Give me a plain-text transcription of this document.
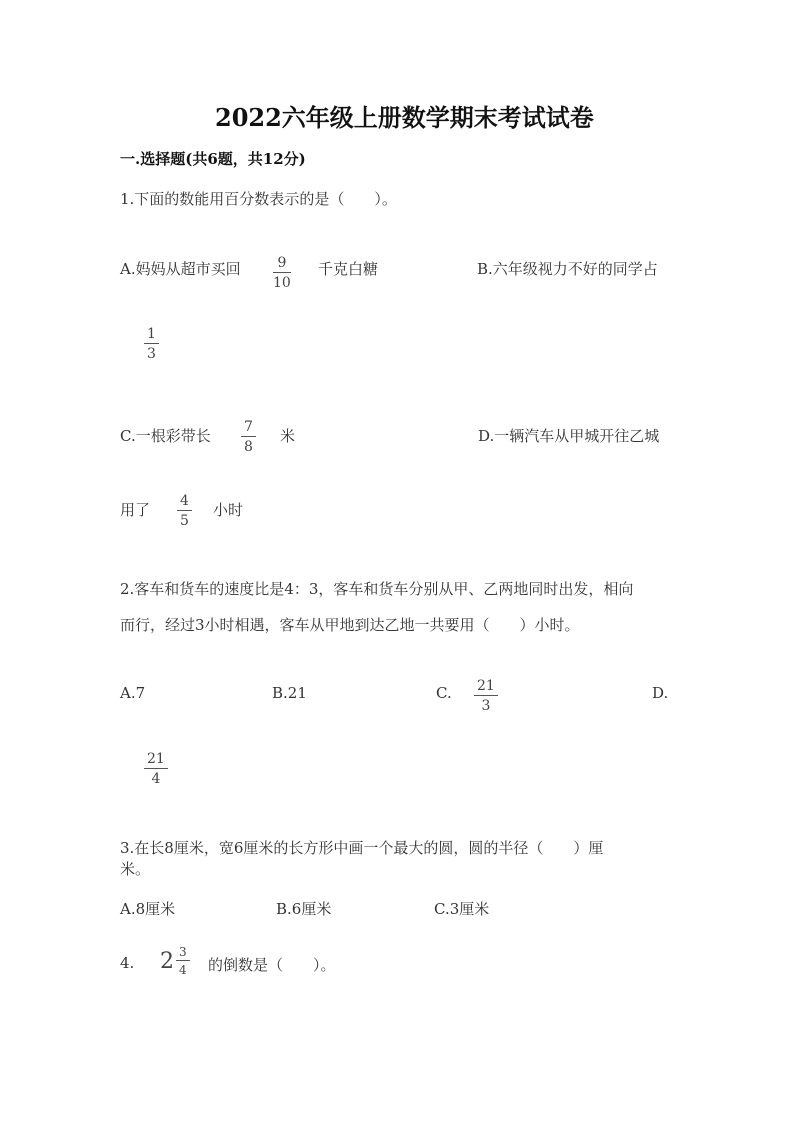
2022六年级上册数学期末考试试卷
一.选择题(共6题，共12分)
1.下面的数能用百分数表示的是（　　）。
A.妈妈从超市买回	9
10
千克白糖	B.六年级视力不好的同学占
1
3
C.一根彩带长 7
8
米	D.一辆汽车从甲城开往乙城
用了 4
5
小时
2.客车和货车的速度比是4：3，客车和货车分别从甲、乙两地同时出发，相向
而行，经过3小时相遇，客车从甲地到达乙地一共要用（　　）小时。
A.7	B.21	C. 21
3
D.
21
4
3.在长8厘米，宽6厘米的长方形中画一个最大的圆，圆的半径（　　）厘
米。
A.8厘米	B.6厘米	C.3厘米
4. $2 \frac{3}{4}$ 的倒数是（　　）。
